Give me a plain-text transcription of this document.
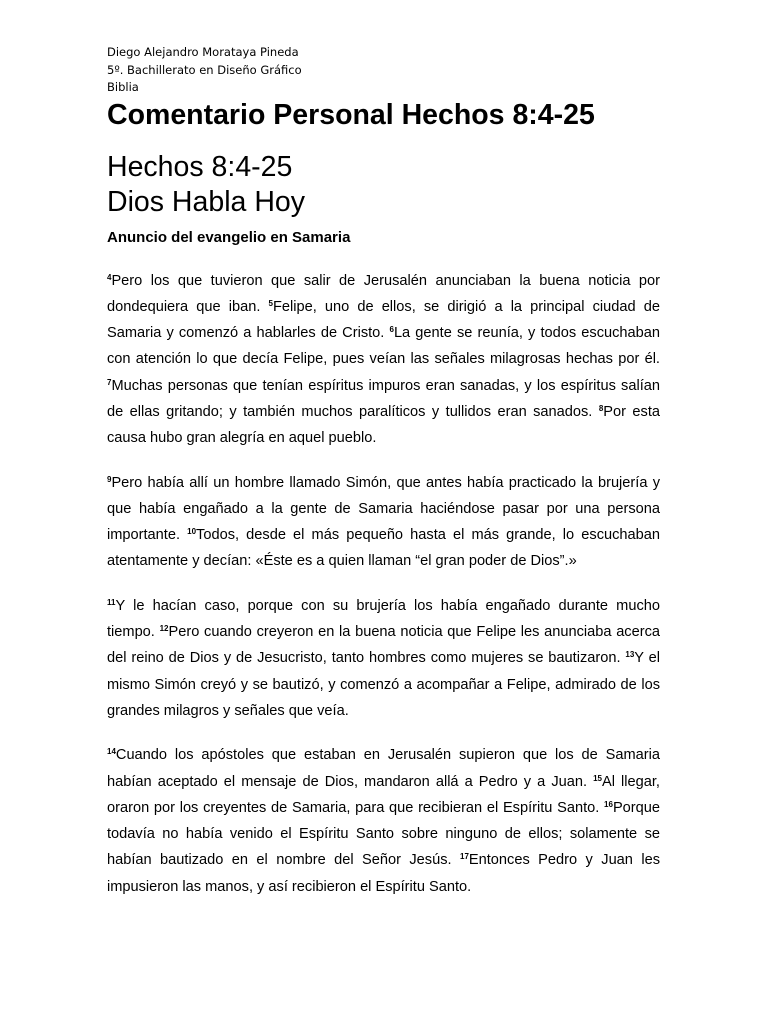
Diego Alejandro Morataya Pineda

5º. Bachillerato en Diseño Gráfico

Biblia

Comentario Personal Hechos 8:4-25
Hechos 8:4-25
Dios Habla Hoy
Anuncio del evangelio en Samaria

$^4$Pero los que tuvieron que salir de Jerusalén anunciaban la buena noticia por dondequiera que iban. $^5$Felipe, uno de ellos, se dirigió a la principal ciudad de Samaria y comenzó a hablarles de Cristo. $^6$La gente se reunía, y todos escuchaban con atención lo que decía Felipe, pues veían las señales milagrosas hechas por él. $^7$Muchas personas que tenían espíritus impuros eran sanadas, y los espíritus salían de ellas gritando; y también muchos paralíticos y tullidos eran sanados. $^8$Por esta causa hubo gran alegría en aquel pueblo.

$^9$Pero había allí un hombre llamado Simón, que antes había practicado la brujería y que había engañado a la gente de Samaria haciéndose pasar por una persona importante. $^{10}$Todos, desde el más pequeño hasta el más grande, lo escuchaban atentamente y decían: «Éste es a quien llaman “el gran poder de Dios”.»

$^{11}$Y le hacían caso, porque con su brujería los había engañado durante mucho tiempo. $^{12}$Pero cuando creyeron en la buena noticia que Felipe les anunciaba acerca del reino de Dios y de Jesucristo, tanto hombres como mujeres se bautizaron. $^{13}$Y el mismo Simón creyó y se bautizó, y comenzó a acompañar a Felipe, admirado de los grandes milagros y señales que veía.

$^{14}$Cuando los apóstoles que estaban en Jerusalén supieron que los de Samaria habían aceptado el mensaje de Dios, mandaron allá a Pedro y a Juan. $^{15}$Al llegar, oraron por los creyentes de Samaria, para que recibieran el Espíritu Santo. $^{16}$Porque todavía no había venido el Espíritu Santo sobre ninguno de ellos; solamente se habían bautizado en el nombre del Señor Jesús. $^{17}$Entonces Pedro y Juan les impusieron las manos, y así recibieron el Espíritu Santo.
